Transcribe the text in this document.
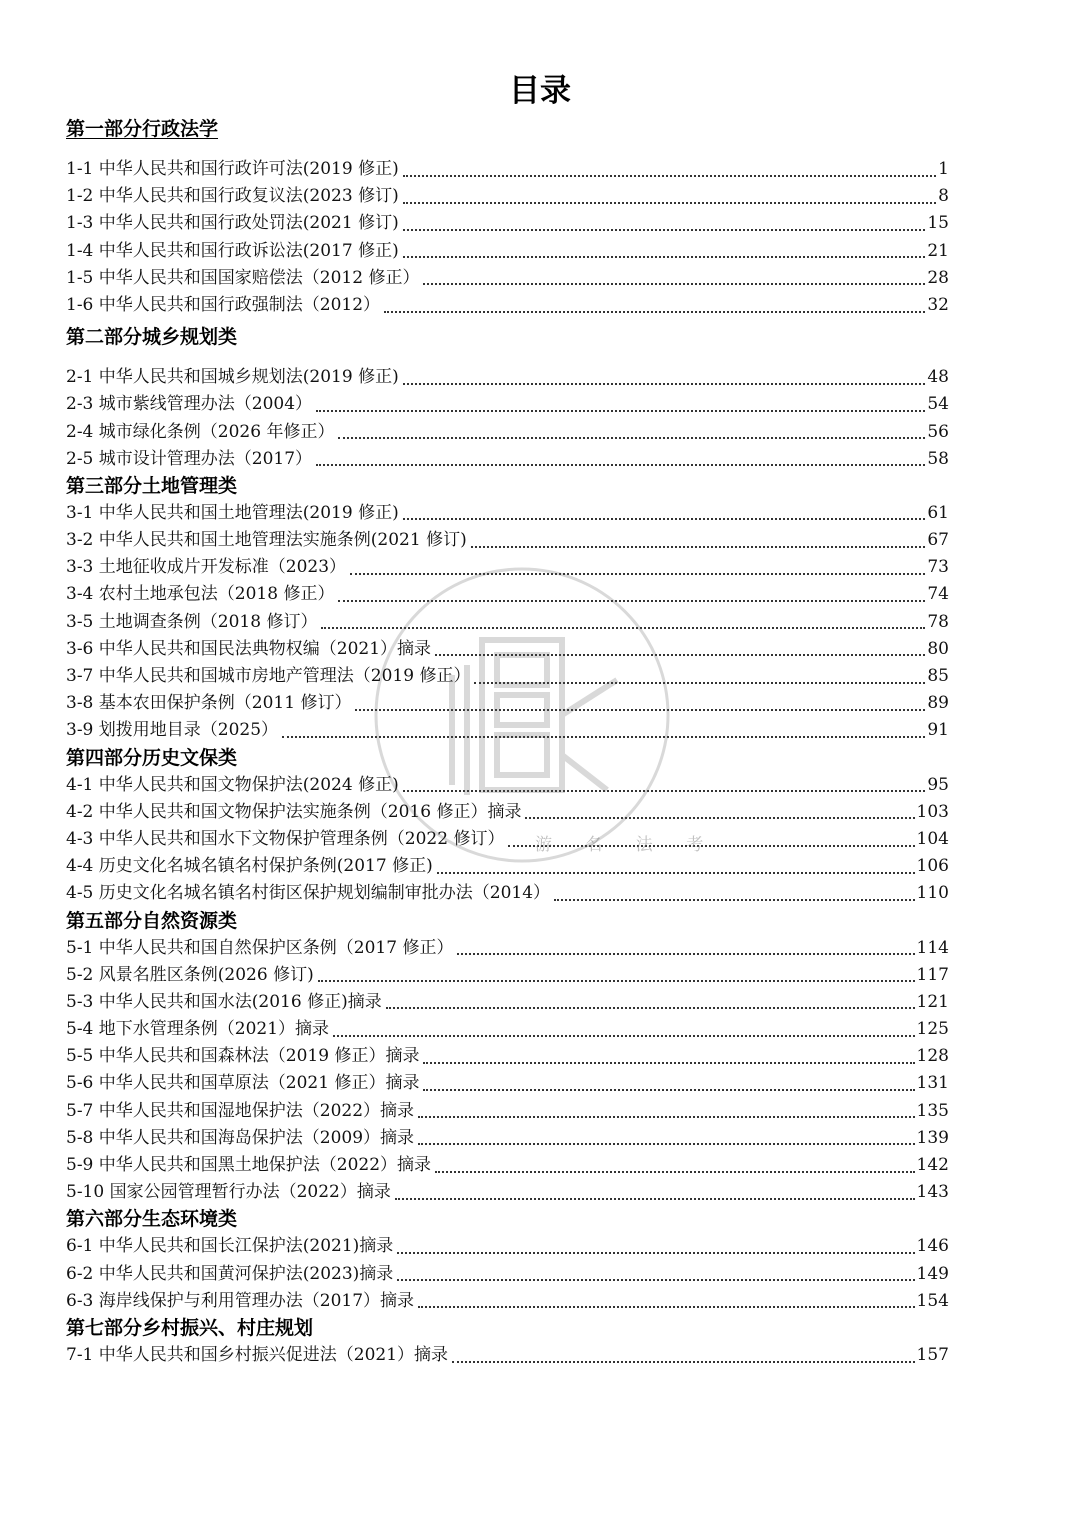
目录
第一部分行政法学
1-1 中华人民共和国行政许可法(2019 修正)	1
1-2 中华人民共和国行政复议法(2023 修订)	8
1-3 中华人民共和国行政处罚法(2021 修订)	15
1-4 中华人民共和国行政诉讼法(2017 修正)	21
1-5 中华人民共和国国家赔偿法（2012 修正）	28
1-6 中华人民共和国行政强制法（2012）	32
第二部分城乡规划类
2-1 中华人民共和国城乡规划法(2019 修正)	48
2-3 城市紫线管理办法（2004）	54
2-4 城市绿化条例（2026 年修正）	56
2-5 城市设计管理办法（2017）	58
第三部分土地管理类
3-1 中华人民共和国土地管理法(2019 修正)	61
3-2 中华人民共和国土地管理法实施条例(2021 修订)	67
3-3 土地征收成片开发标准（2023）	73
3-4 农村土地承包法（2018 修正）	74
3-5 土地调查条例（2018 修订）	78
3-6 中华人民共和国民法典物权编（2021）摘录	80
3-7 中华人民共和国城市房地产管理法（2019 修正）	85
3-8 基本农田保护条例（2011 修订）	89
3-9 划拨用地目录（2025）	91
第四部分历史文保类
4-1 中华人民共和国文物保护法(2024 修正)	95
4-2 中华人民共和国文物保护法实施条例（2016 修正）摘录	103
4-3 中华人民共和国水下文物保护管理条例（2022 修订）	104
4-4 历史文化名城名镇名村保护条例(2017 修正)	106
4-5 历史文化名城名镇名村街区保护规划编制审批办法（2014）	110
第五部分自然资源类
5-1 中华人民共和国自然保护区条例（2017 修正）	114
5-2 风景名胜区条例(2026 修订)	117
5-3 中华人民共和国水法(2016 修正)摘录	121
5-4 地下水管理条例（2021）摘录	125
5-5 中华人民共和国森林法（2019 修正）摘录	128
5-6 中华人民共和国草原法（2021 修正）摘录	131
5-7 中华人民共和国湿地保护法（2022）摘录	135
5-8 中华人民共和国海岛保护法（2009）摘录	139
5-9 中华人民共和国黑土地保护法（2022）摘录	142
5-10 国家公园管理暂行办法（2022）摘录	143
第六部分生态环境类
6-1 中华人民共和国长江保护法(2021)摘录	146
6-2 中华人民共和国黄河保护法(2023)摘录	149
6-3 海岸线保护与利用管理办法（2017）摘录	154
第七部分乡村振兴、村庄规划
7-1 中华人民共和国乡村振兴促进法（2021）摘录	157
游 名 法 考
